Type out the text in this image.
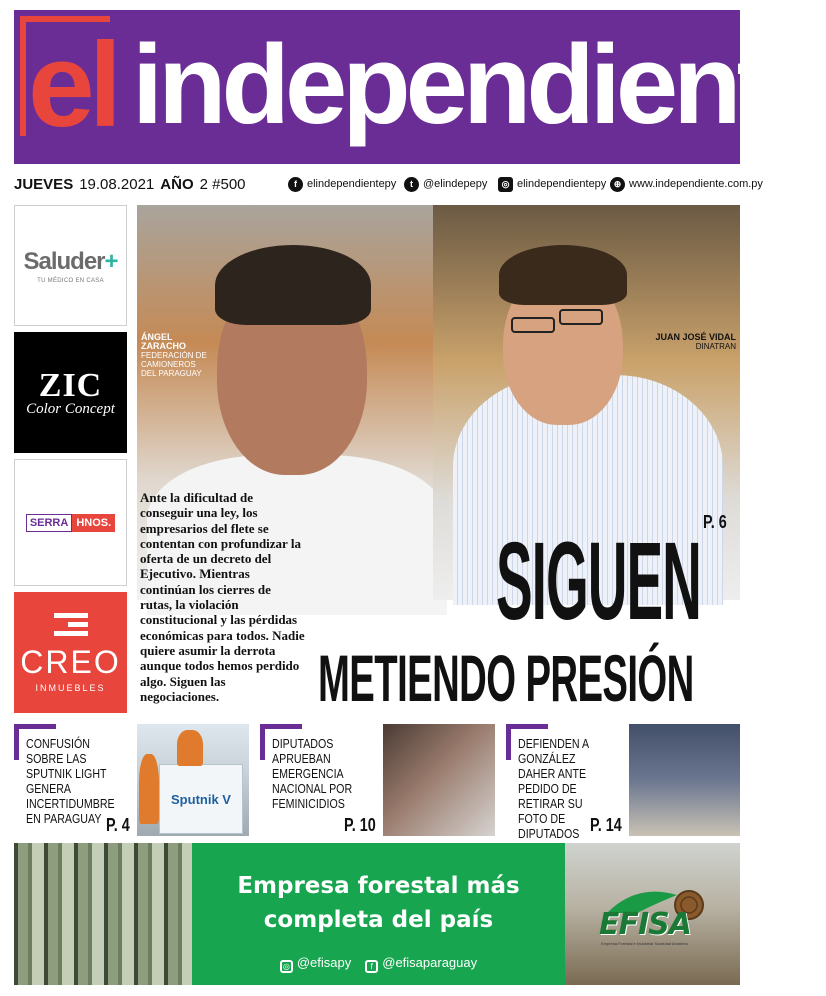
el independiente
JUEVES 19.08.2021 AÑO 2 #500	f elindependientepy	t @elindepepy	◎ elindependientepy ⊕ www.independiente.com.py
Saluder+
TU MÉDICO EN CASA
ZIC
Color Concept
SERRA HNOS.
CREO
INMUEBLES
ÁNGEL ZARACHO
FEDERACIÓN DE CAMIONEROS DEL PARAGUAY
JUAN JOSÉ VIDAL
DINATRAN
Ante la dificultad de conseguir una ley, los empresarios del flete se contentan con profundizar la oferta de un decreto del Ejecutivo. Mientras continúan los cierres de rutas, la violación constitucional y las pérdidas económicas para todos. Nadie quiere asumir la derrota aunque todos hemos perdido algo. Siguen las negociaciones.
P. 6
SIGUEN
METIENDO PRESIÓN
CONFUSIÓN SOBRE LAS SPUTNIK LIGHT GENERA INCERTIDUMBRE EN PARAGUAY P. 4
Sputnik V
DIPUTADOS APRUEBAN EMERGENCIA NACIONAL POR FEMINICIDIOS
P. 10
DEFIENDEN A GONZÁLEZ DAHER ANTE PEDIDO DE RETIRAR SU FOTO DE DIPUTADOS P. 14
Empresa forestal más completa del país
◎ @efisapy	f @efisaparaguay
EFISA
Empresa Forestal e Industrial Sociedad Anónima
